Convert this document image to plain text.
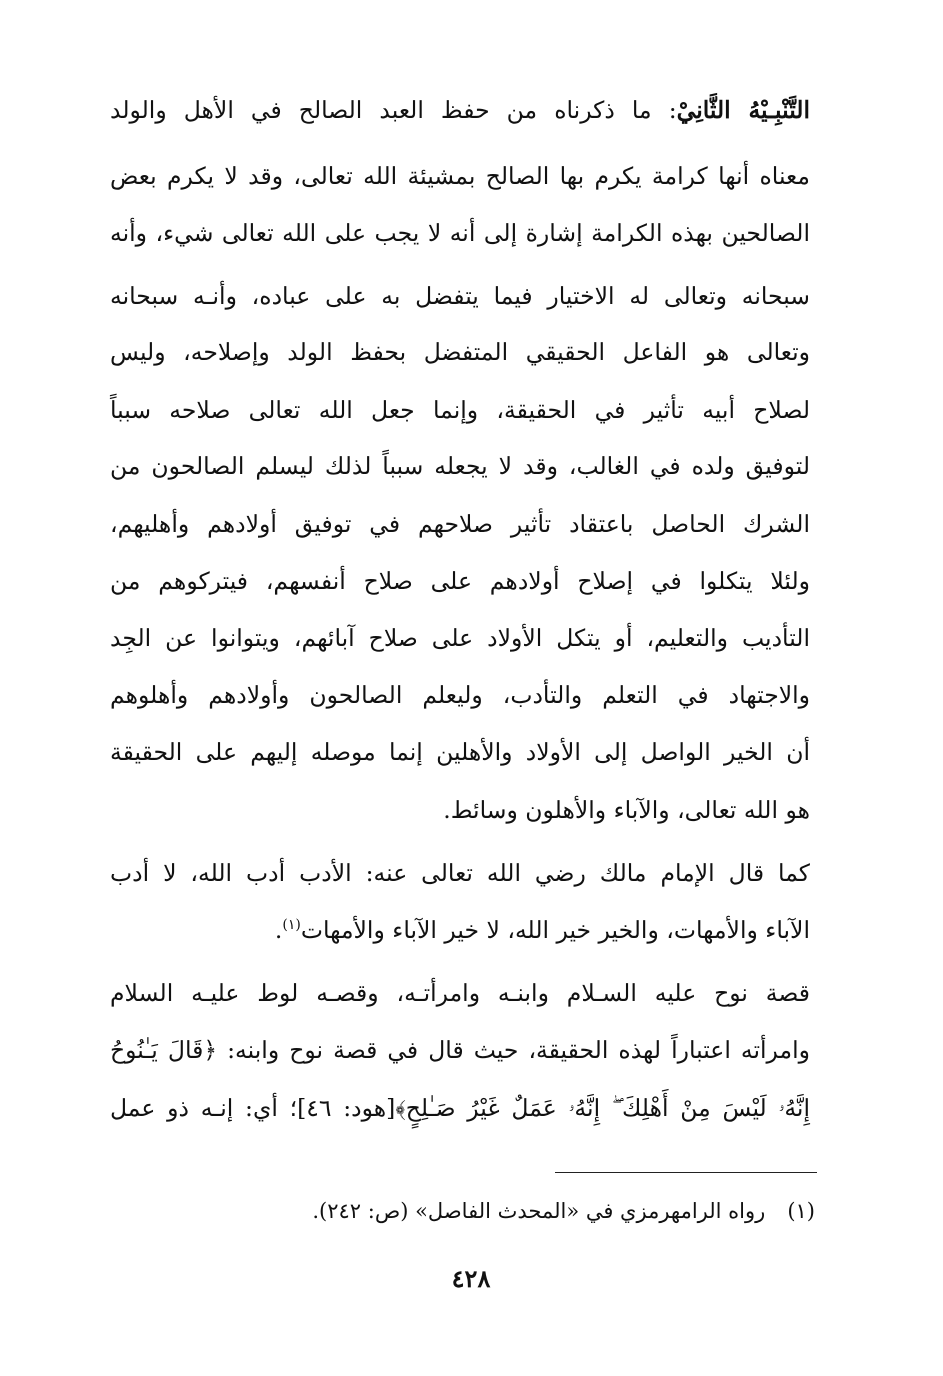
التَّنْبِـيْهُ الثَّانِيْ: ما ذكرناه من حفظ العبد الصالح في الأهل والولد
معناه أنها كرامة يكرم بها الصالح بمشيئة الله تعالى، وقد لا يكرم بعض
الصالحين بهذه الكرامة إشارة إلى أنه لا يجب على الله تعالى شيء، وأنه
سبحانه وتعالى له الاختيار فيما يتفضل به على عباده، وأنـه سبحانه
وتعالى هو الفاعل الحقيقي المتفضل بحفظ الولد وإصلاحه، وليس
لصلاح أبيه تأثير في الحقيقة، وإنما جعل الله تعالى صلاحه سبباً
لتوفيق ولده في الغالب، وقد لا يجعله سبباً لذلك ليسلم الصالحون من
الشرك الحاصل باعتقاد تأثير صلاحهم في توفيق أولادهم وأهليهم،
ولئلا يتكلوا في إصلاح أولادهم على صلاح أنفسهم، فيتركوهم من
التأديب والتعليم، أو يتكل الأولاد على صلاح آبائهم، ويتوانوا عن الجِد
والاجتهاد في التعلم والتأدب، وليعلم الصالحون وأولادهم وأهلوهم
أن الخير الواصل إلى الأولاد والأهلين إنما موصله إليهم على الحقيقة
هو الله تعالى، والآباء والأهلون وسائط.
كما قال الإمام مالك رضي الله تعالى عنه: الأدب أدب الله، لا أدب
الآباء والأمهات، والخير خير الله، لا خير الآباء والأمهات$^{(١)}$.
قصة نوح عليه السـلام وابنـه وامرأتـه، وقصـه لوط عليـه السلام
وامرأته اعتباراً لهذه الحقيقة، حيث قال في قصة نوح وابنه: ﴿قَالَ يَـٰنُوحُ
إِنَّهُۥ لَيْسَ مِنْ أَهْلِكَ ۖ إِنَّهُۥ عَمَلٌ غَيْرُ صَـٰلِحٍ﴾[هود: ٤٦]؛ أي: إنـه ذو عمل
(١)رواه الرامهرمزي في «المحدث الفاصل» (ص: ٢٤٢).
٤٢٨
